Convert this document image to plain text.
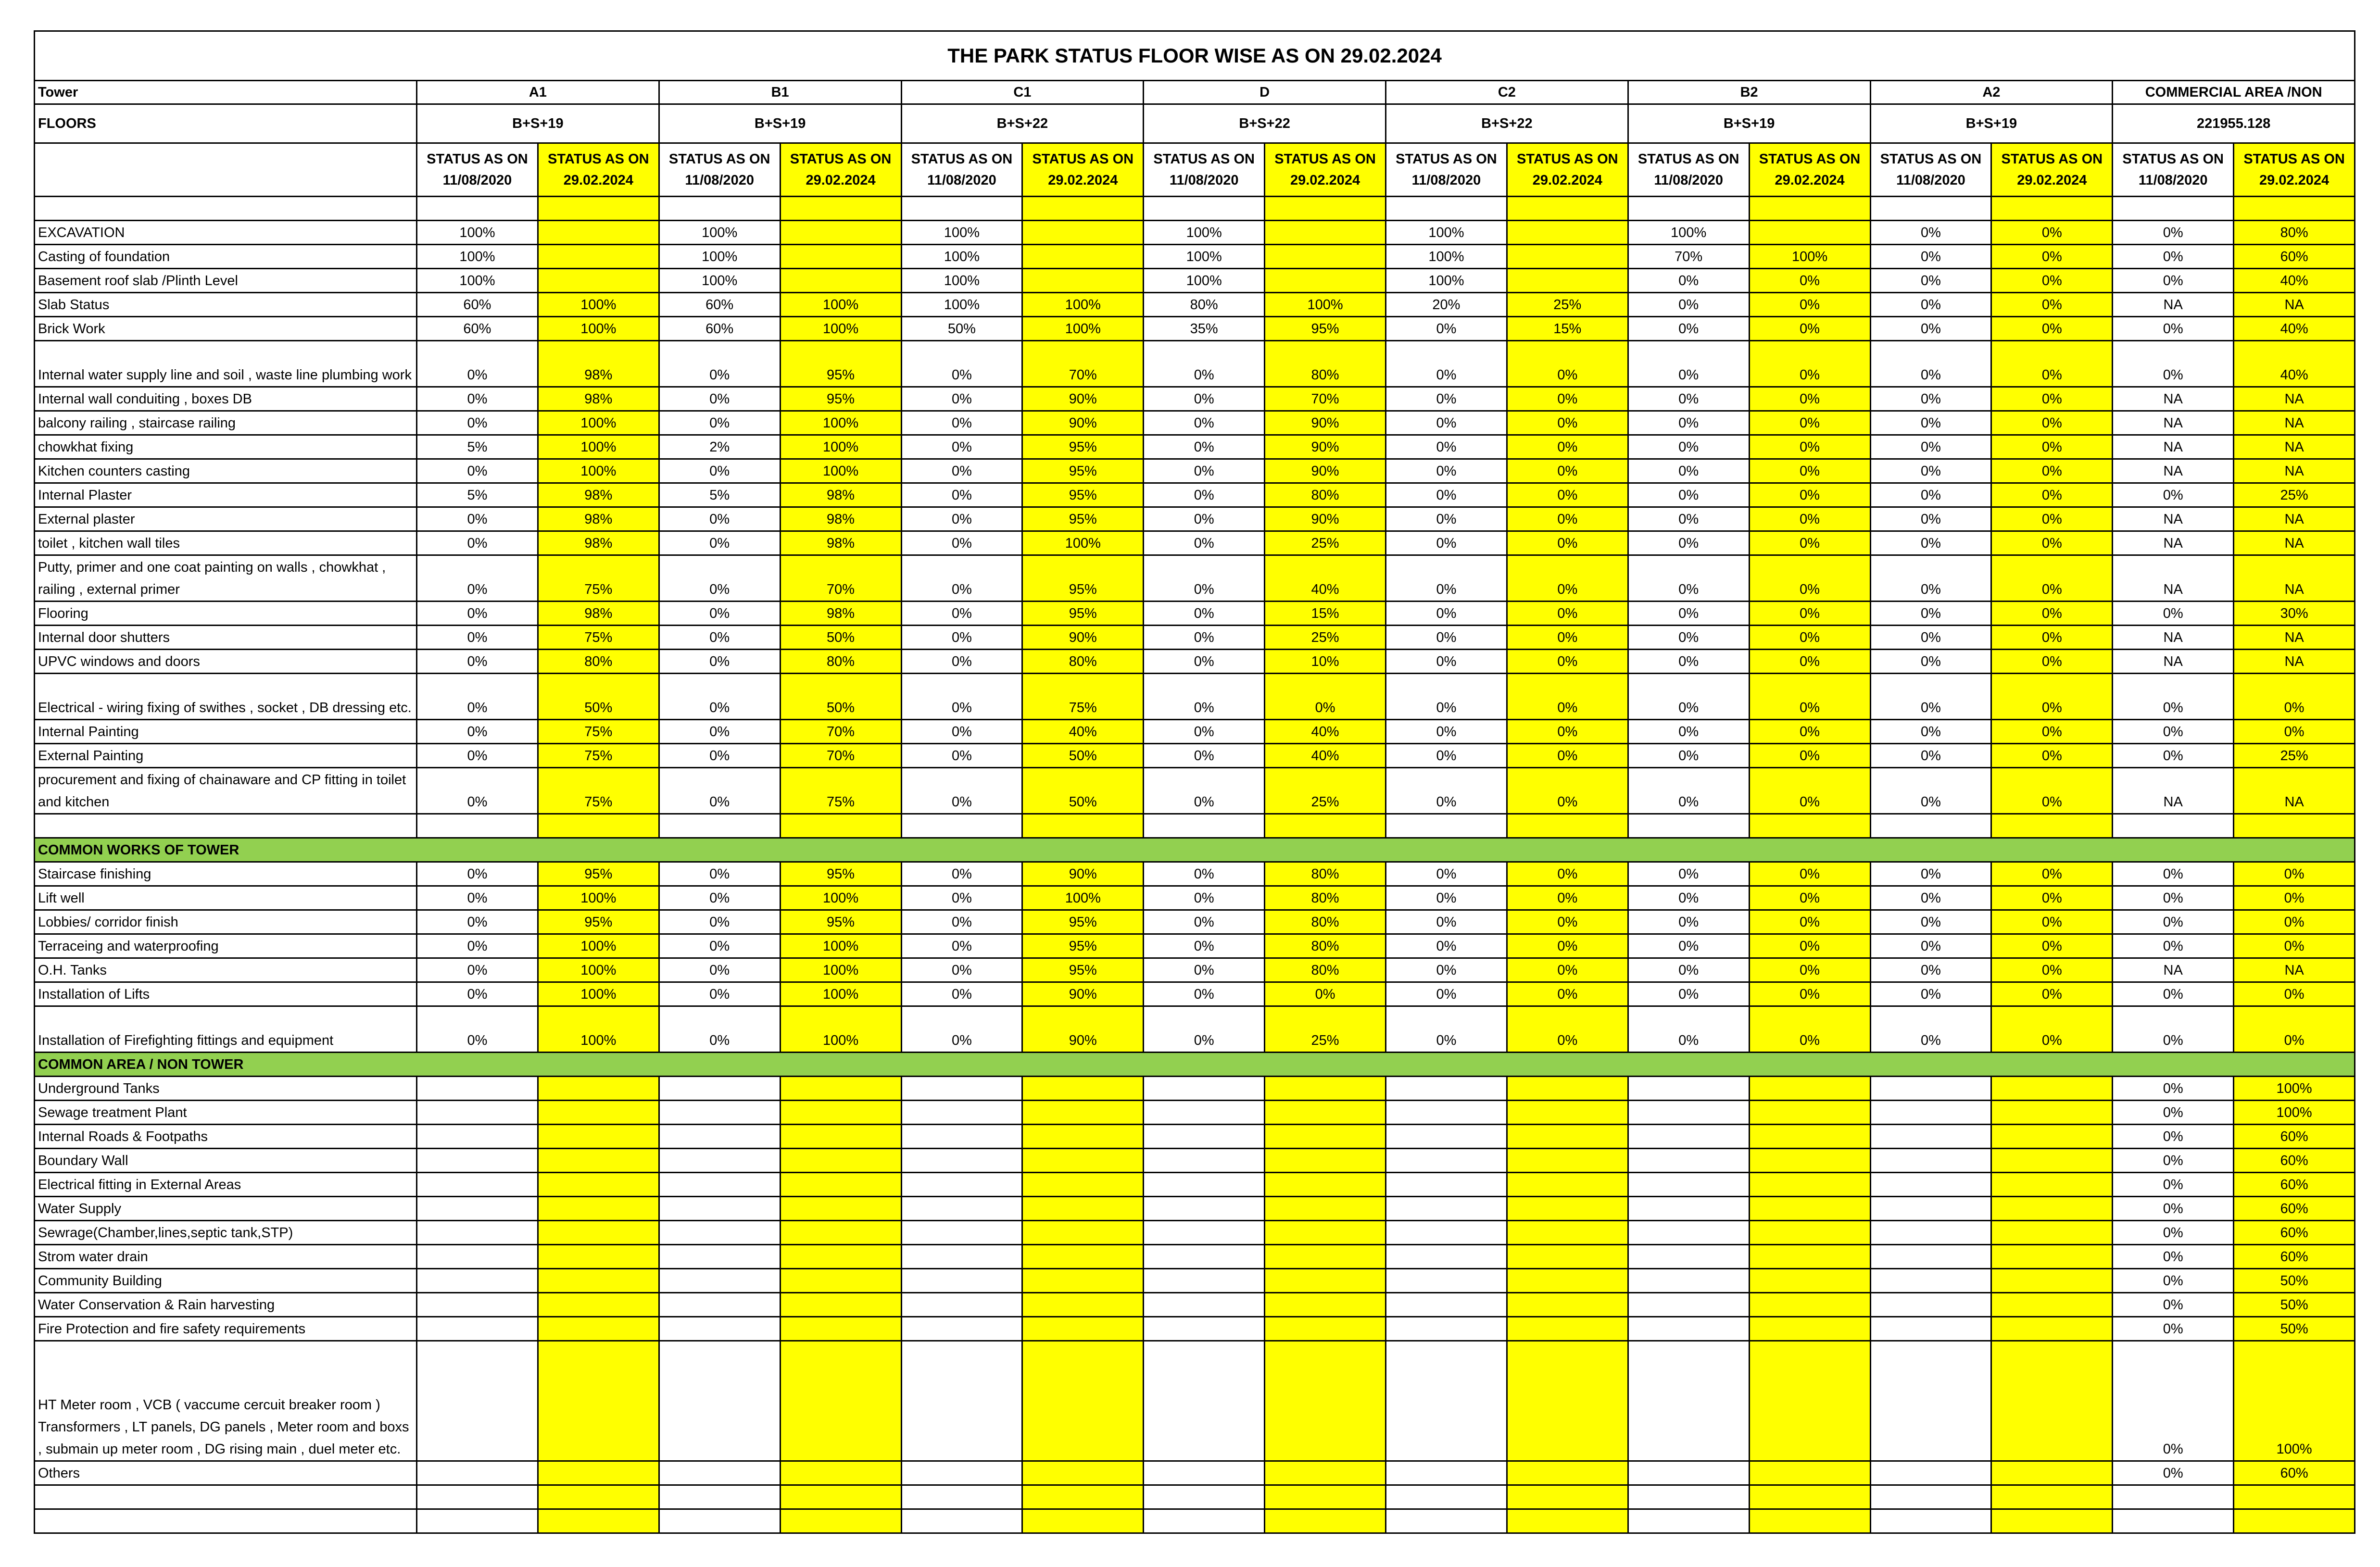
THE PARK STATUS FLOOR WISE AS ON 29.02.2024																
Tower	A1		B1		C1		D		C2		B2		A2		COMMERCIAL AREA /NON	
FLOORS	B+S+19		B+S+19		B+S+22		B+S+22		B+S+22		B+S+19		B+S+19		221955.128	
	STATUS AS ON 11/08/2020	STATUS AS ON 29.02.2024	STATUS AS ON 11/08/2020	STATUS AS ON 29.02.2024	STATUS AS ON 11/08/2020	STATUS AS ON 29.02.2024	STATUS AS ON 11/08/2020	STATUS AS ON 29.02.2024	STATUS AS ON 11/08/2020	STATUS AS ON 29.02.2024	STATUS AS ON 11/08/2020	STATUS AS ON 29.02.2024	STATUS AS ON 11/08/2020	STATUS AS ON 29.02.2024	STATUS AS ON 11/08/2020	STATUS AS ON 29.02.2024

EXCAVATION	100%		100%		100%		100%		100%		100%		0%	0%	0%	80%
Casting of foundation	100%		100%		100%		100%		100%		70%	100%	0%	0%	0%	60%
Basement roof slab /Plinth Level	100%		100%		100%		100%		100%		0%	0%	0%	0%	0%	40%
Slab Status	60%	100%	60%	100%	100%	100%	80%	100%	20%	25%	0%	0%	0%	0%	NA	NA
Brick Work	60%	100%	60%	100%	50%	100%	35%	95%	0%	15%	0%	0%	0%	0%	0%	40%
Internal water supply line and soil , waste line plumbing work	0%	98%	0%	95%	0%	70%	0%	80%	0%	0%	0%	0%	0%	0%	0%	40%
Internal wall conduiting , boxes DB	0%	98%	0%	95%	0%	90%	0%	70%	0%	0%	0%	0%	0%	0%	NA	NA
balcony railing , staircase railing	0%	100%	0%	100%	0%	90%	0%	90%	0%	0%	0%	0%	0%	0%	NA	NA
chowkhat fixing	5%	100%	2%	100%	0%	95%	0%	90%	0%	0%	0%	0%	0%	0%	NA	NA
Kitchen counters casting	0%	100%	0%	100%	0%	95%	0%	90%	0%	0%	0%	0%	0%	0%	NA	NA
Internal Plaster	5%	98%	5%	98%	0%	95%	0%	80%	0%	0%	0%	0%	0%	0%	0%	25%
External plaster	0%	98%	0%	98%	0%	95%	0%	90%	0%	0%	0%	0%	0%	0%	NA	NA
toilet , kitchen wall tiles	0%	98%	0%	98%	0%	100%	0%	25%	0%	0%	0%	0%	0%	0%	NA	NA
Putty, primer and one coat painting on walls , chowkhat , railing , external primer	0%	75%	0%	70%	0%	95%	0%	40%	0%	0%	0%	0%	0%	0%	NA	NA
Flooring	0%	98%	0%	98%	0%	95%	0%	15%	0%	0%	0%	0%	0%	0%	0%	30%
Internal door shutters	0%	75%	0%	50%	0%	90%	0%	25%	0%	0%	0%	0%	0%	0%	NA	NA
UPVC windows and doors	0%	80%	0%	80%	0%	80%	0%	10%	0%	0%	0%	0%	0%	0%	NA	NA
Electrical - wiring fixing of swithes , socket , DB dressing etc.	0%	50%	0%	50%	0%	75%	0%	0%	0%	0%	0%	0%	0%	0%	0%	0%
Internal Painting	0%	75%	0%	70%	0%	40%	0%	40%	0%	0%	0%	0%	0%	0%	0%	0%
External Painting	0%	75%	0%	70%	0%	50%	0%	40%	0%	0%	0%	0%	0%	0%	0%	25%
procurement and fixing of chainaware and CP fitting in toilet and kitchen	0%	75%	0%	75%	0%	50%	0%	25%	0%	0%	0%	0%	0%	0%	NA	NA

COMMON WORKS OF TOWER																
Staircase finishing	0%	95%	0%	95%	0%	90%	0%	80%	0%	0%	0%	0%	0%	0%	0%	0%
Lift well	0%	100%	0%	100%	0%	100%	0%	80%	0%	0%	0%	0%	0%	0%	0%	0%
Lobbies/ corridor finish	0%	95%	0%	95%	0%	95%	0%	80%	0%	0%	0%	0%	0%	0%	0%	0%
Terraceing and waterproofing	0%	100%	0%	100%	0%	95%	0%	80%	0%	0%	0%	0%	0%	0%	0%	0%
O.H. Tanks	0%	100%	0%	100%	0%	95%	0%	80%	0%	0%	0%	0%	0%	0%	NA	NA
Installation of Lifts	0%	100%	0%	100%	0%	90%	0%	0%	0%	0%	0%	0%	0%	0%	0%	0%
Installation of Firefighting fittings and equipment	0%	100%	0%	100%	0%	90%	0%	25%	0%	0%	0%	0%	0%	0%	0%	0%
COMMON AREA / NON TOWER																
Underground Tanks															0%	100%
Sewage treatment Plant															0%	100%
Internal Roads & Footpaths															0%	60%
Boundary Wall															0%	60%
Electrical fitting in External Areas															0%	60%
Water Supply															0%	60%
Sewrage(Chamber,lines,septic tank,STP)															0%	60%
Strom water drain															0%	60%
Community Building															0%	50%
Water Conservation & Rain harvesting															0%	50%
Fire Protection and fire safety requirements															0%	50%
HT Meter room , VCB ( vaccume cercuit breaker room ) Transformers , LT panels, DG panels , Meter room and boxs , submain up meter room , DG rising main , duel meter etc.															0%	100%
Others															0%	60%
